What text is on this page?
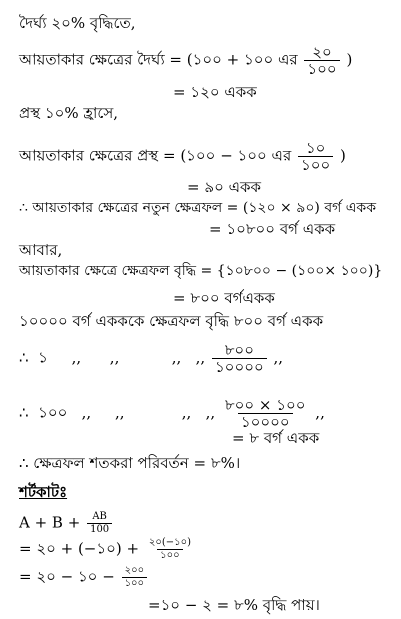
দৈর্ঘ্য ২০% বৃদ্ধিতে,
আয়তাকার ক্ষেত্রের দৈর্ঘ্য = (১০০ + ১০০ এর $\frac{২০}{১০০}$ )
= ১২০ একক
প্রস্থ ১০% হ্রাসে,
আয়তাকার ক্ষেত্রের প্রস্থ = (১০০ − ১০০ এর $\frac{১০}{১০০}$ )
= ৯০ একক
∴ আয়তাকার ক্ষেত্রের নতুন ক্ষেত্রফল = (১২০ × ৯০) বর্গ একক
= ১০৮০০ বর্গ একক
আবার,
আয়তাকার ক্ষেত্রে ক্ষেত্রফল বৃদ্ধি = {১০৮০০ − (১০০× ১০০)}
= ৮০০ বর্গএকক
১০০০০ বর্গ একককে ক্ষেত্রফল বৃদ্ধি ৮০০ বর্গ একক
∴  ১     ,,      ,,           ,,   ,, $\frac{৮০০}{১০০০০}$ ,,
∴  ১০০   ,,     ,,            ,,   ,, $\frac{৮০০ \times ১০০}{১০০০০}$ ,,
= ৮ বর্গ একক
∴ ক্ষেত্রফল শতকরা পরিবর্তন = ৮%।
শর্টকাটঃ
$A + B + \frac{AB}{100}$
= ২০ + (−১০) + $\frac{২০(-১০)}{১০০}$
= ২০ − ১০ − $\frac{২০০}{১০০}$
=১০ − ২ = ৮% বৃদ্ধি পায়।
